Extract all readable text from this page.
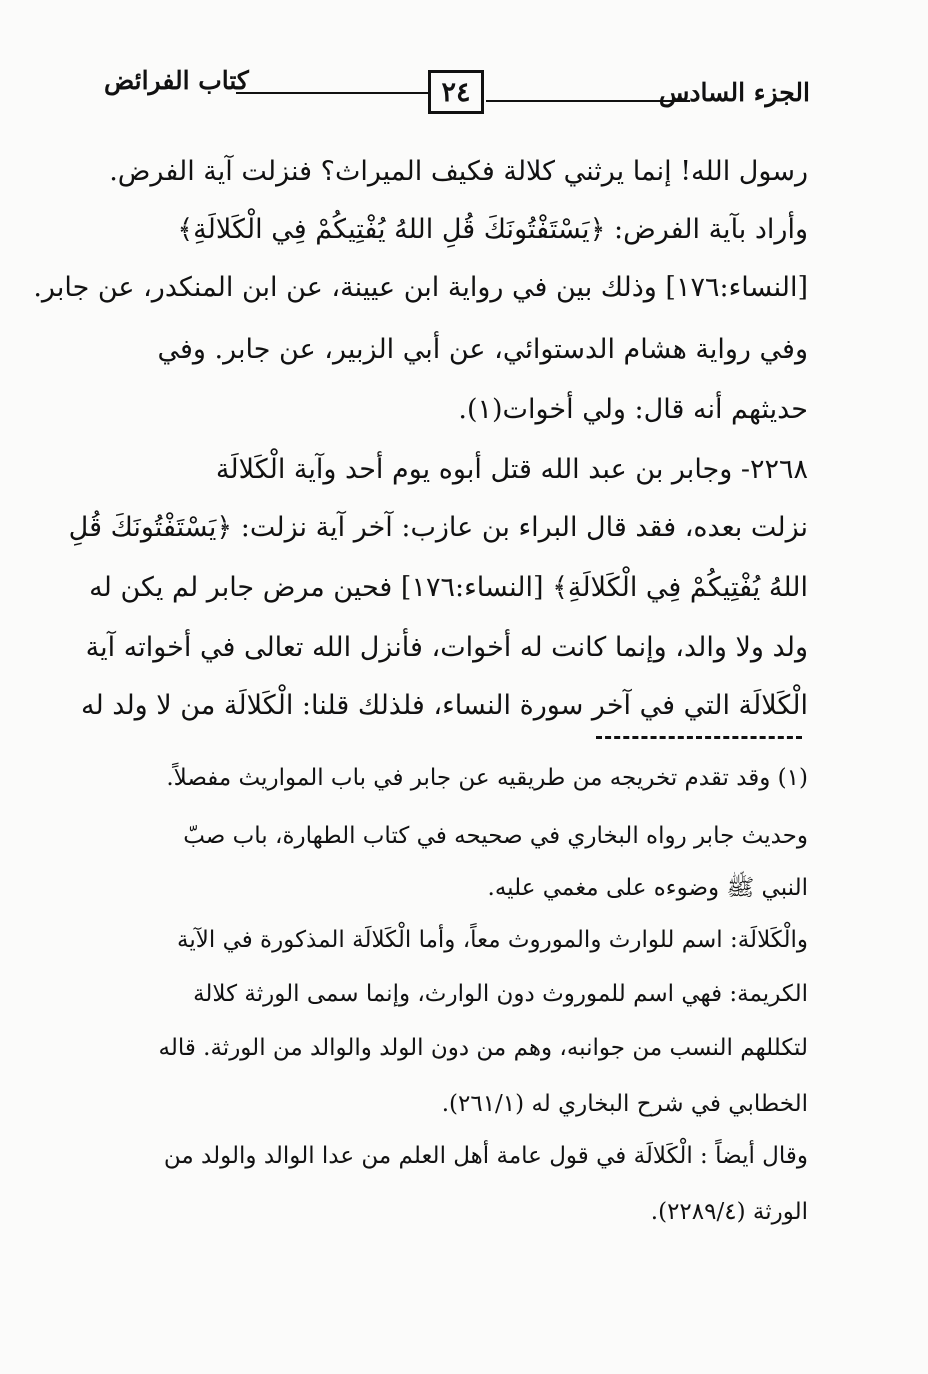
كتاب الفرائض	٢٤	الجزء السادس
رسول الله! إنما يرثني كلالة فكيف الميراث؟ فنزلت آية الفرض.
وأراد بآية الفرض: ﴿يَسْتَفْتُونَكَ قُلِ اللهُ يُفْتِيكُمْ فِي الْكَلالَةِ﴾
[النساء:١٧٦] وذلك بين في رواية ابن عيينة، عن ابن المنكدر، عن جابر.
وفي رواية هشام الدستوائي، عن أبي الزبير، عن جابر. وفي
حديثهم أنه قال: ولي أخوات(١).
٢٢٦٨- وجابر بن عبد الله قتل أبوه يوم أحد وآية الْكَلالَة
نزلت بعده، فقد قال البراء بن عازب: آخر آية نزلت: ﴿يَسْتَفْتُونَكَ قُلِ
اللهُ يُفْتِيكُمْ فِي الْكَلالَةِ﴾ [النساء:١٧٦] فحين مرض جابر لم يكن له
ولد ولا والد، وإنما كانت له أخوات، فأنزل الله تعالى في أخواته آية
الْكَلالَة التي في آخر سورة النساء، فلذلك قلنا: الْكَلالَة من لا ولد له
(١) وقد تقدم تخريجه من طريقيه عن جابر في باب المواريث مفصلاً.
وحديث جابر رواه البخاري في صحيحه في كتاب الطهارة، باب صبّ
النبي ﷺ وضوءه على مغمي عليه.
والْكَلالَة: اسم للوارث والموروث معاً، وأما الْكَلالَة المذكورة في الآية
الكريمة: فهي اسم للموروث دون الوارث، وإنما سمى الورثة كلالة
لتكللهم النسب من جوانبه، وهم من دون الولد والوالد من الورثة. قاله
الخطابي في شرح البخاري له (٢٦١/١).
وقال أيضاً : الْكَلالَة في قول عامة أهل العلم من عدا الوالد والولد من
الورثة (٢٢٨٩/٤).
